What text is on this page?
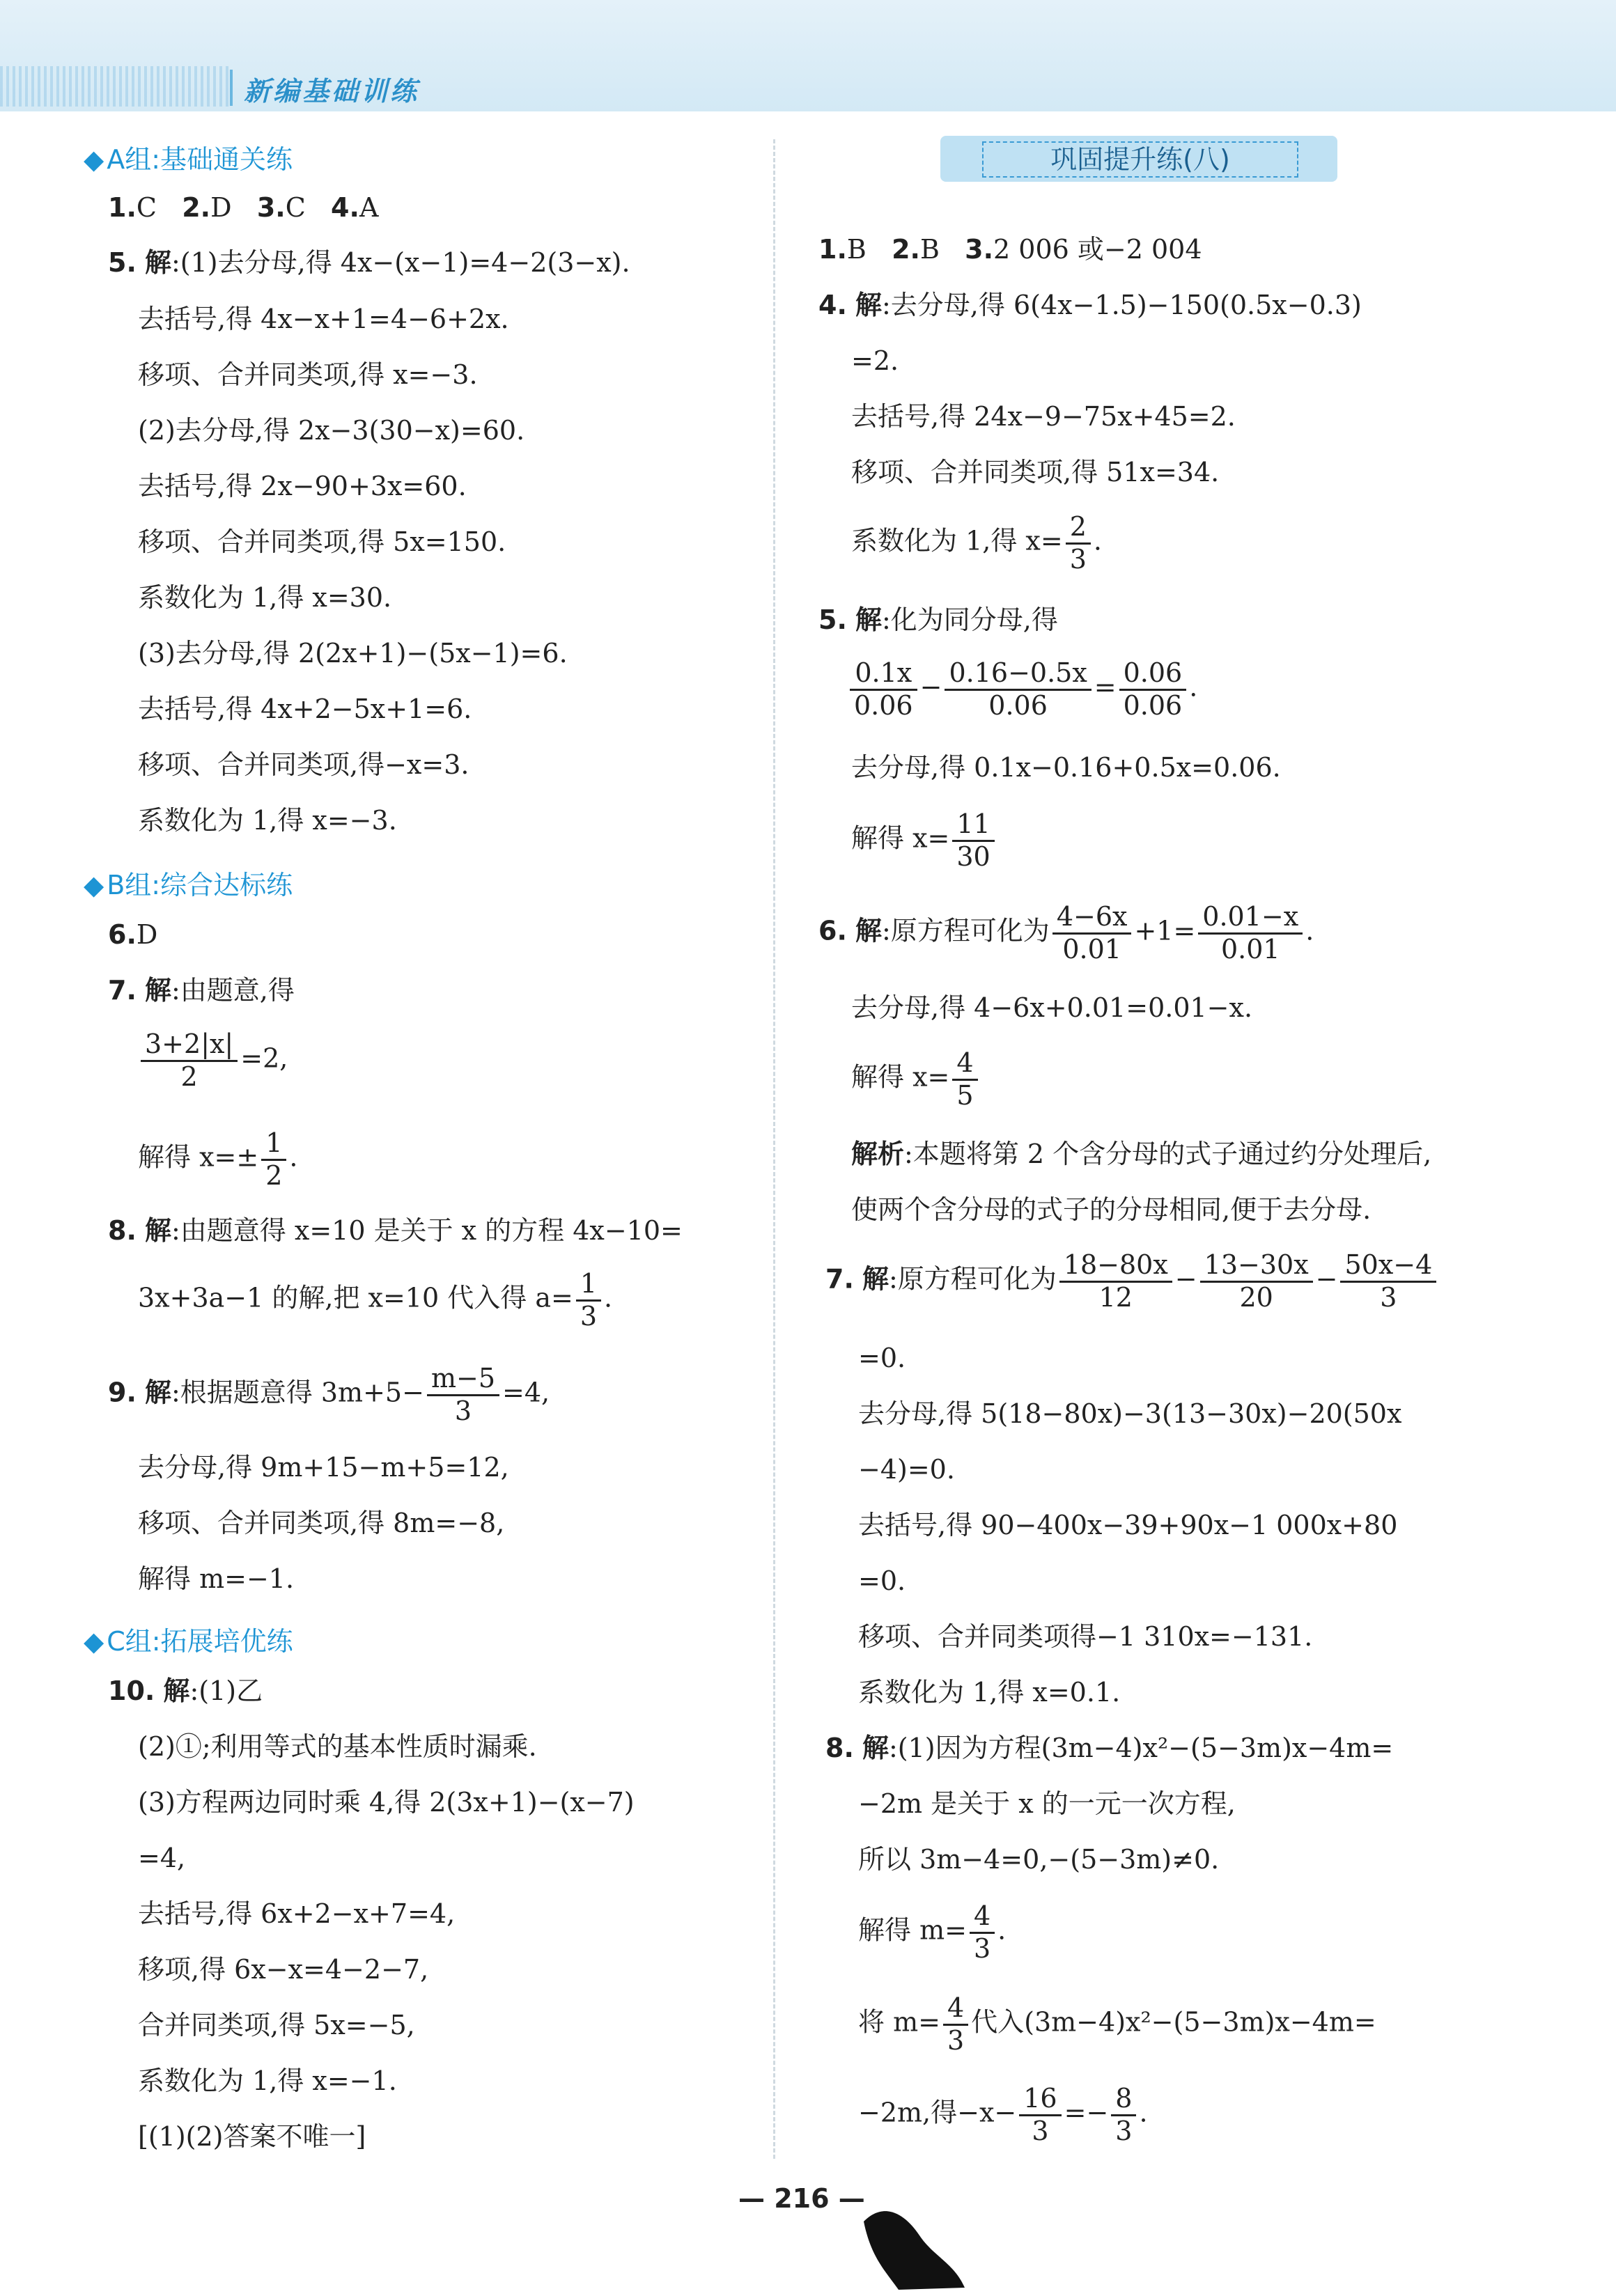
新编基础训练
◆ A组:基础通关练
1.C 2.D 3.C 4.A
5. 解:(1)去分母,得 4x−(x−1)=4−2(3−x).
去括号,得 4x−x+1=4−6+2x.
移项、合并同类项,得 x=−3.
(2)去分母,得 2x−3(30−x)=60.
去括号,得 2x−90+3x=60.
移项、合并同类项,得 5x=150.
系数化为 1,得 x=30.
(3)去分母,得 2(2x+1)−(5x−1)=6.
去括号,得 4x+2−5x+1=6.
移项、合并同类项,得−x=3.
系数化为 1,得 x=−3.
◆ B组:综合达标练
6.D
7. 解:由题意,得
$\frac{3+2|x|}{2} =2$,
解得 $x=\pm \frac{1}{2}$ .
8. 解:由题意得 x=10 是关于 x 的方程 4x−10=
3x+3a−1 的解,把 x=10 代入得 $a= \frac{1}{3}$ .
9. 解:根据题意得 $3m+5- \frac{m-5}{3} =4$,
去分母,得 9m+15−m+5=12,
移项、合并同类项,得 8m=−8,
解得 m=−1.
◆ C组:拓展培优练
10. 解:(1)乙
(2)①;利用等式的基本性质时漏乘.
(3)方程两边同时乘 4,得 2(3x+1)−(x−7)
=4,
去括号,得 6x+2−x+7=4,
移项,得 6x−x=4−2−7,
合并同类项,得 5x=−5,
系数化为 1,得 x=−1.
[(1)(2)答案不唯一]
巩固提升练(八)
1.B 2.B 3.2 006 或−2 004
4. 解:去分母,得 6(4x−1.5)−150(0.5x−0.3)
=2.
去括号,得 24x−9−75x+45=2.
移项、合并同类项,得 51x=34.
系数化为 1,得 $x= \frac{2}{3}$ .
5. 解:化为同分母,得
$\frac{0.1x}{0.06} - \frac{0.16-0.5x}{0.06} = \frac{0.06}{0.06}$ .
去分母,得 0.1x−0.16+0.5x=0.06.
解得 $x= \frac{11}{30}$
6. 解:原方程可化为 $\frac{4-6x}{0.01} +1= \frac{0.01-x}{0.01}$ .
去分母,得 4−6x+0.01=0.01−x.
解得 $x= \frac{4}{5}$
解析:本题将第 2 个含分母的式子通过约分处理后,
使两个含分母的式子的分母相同,便于去分母.
7. 解:原方程可化为 $\frac{18-80x}{12} - \frac{13-30x}{20} - \frac{50x-4}{3}$
=0.
去分母,得 5(18−80x)−3(13−30x)−20(50x
−4)=0.
去括号,得 90−400x−39+90x−1 000x+80
=0.
移项、合并同类项得−1 310x=−131.
系数化为 1,得 x=0.1.
8. 解:(1)因为方程(3m−4)x²−(5−3m)x−4m=
−2m 是关于 x 的一元一次方程,
所以 3m−4=0,−(5−3m)≠0.
解得 $m= \frac{4}{3}$ .
将 $m= \frac{4}{3}$ 代入(3m−4)x²−(5−3m)x−4m=
−2m,得$-x- \frac{16}{3} =- \frac{8}{3}$ .
— 216 —
